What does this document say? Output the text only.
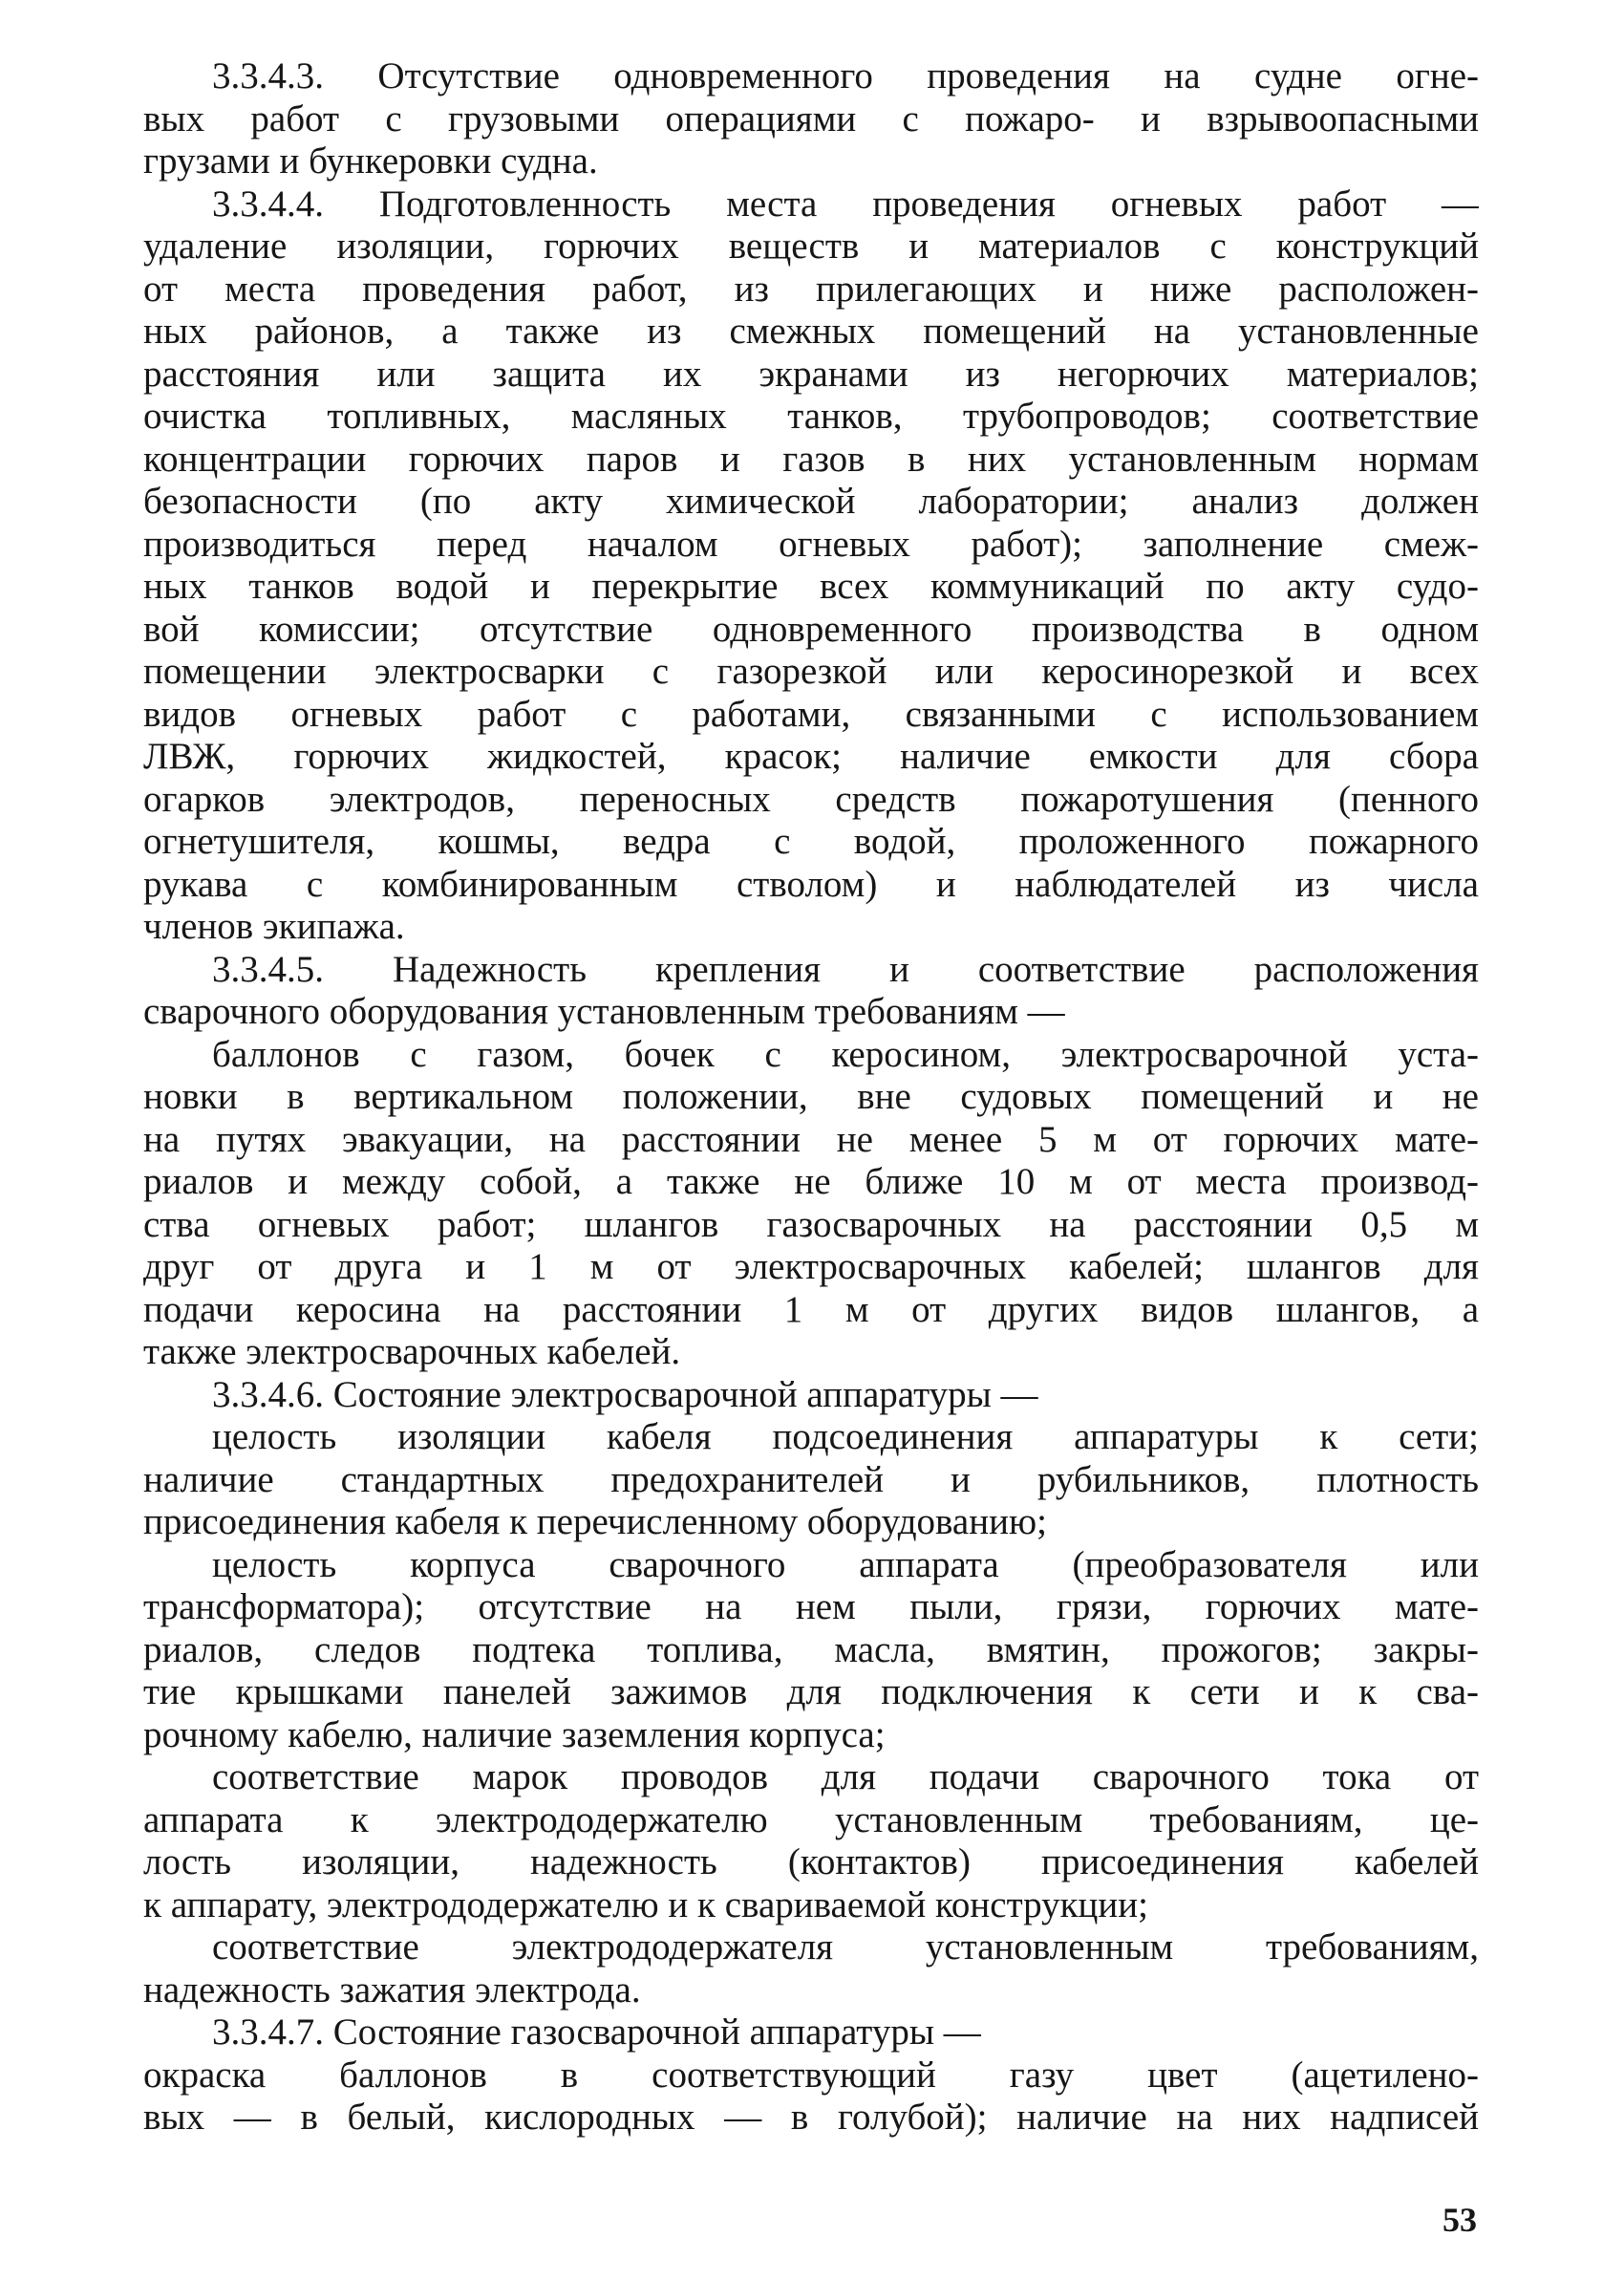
3.3.4.3. Отсутствие одновременного проведения на судне огне-
вых работ с грузовыми операциями с пожаро- и взрывоопасными
грузами и бункеровки судна.
3.3.4.4. Подготовленность места проведения огневых работ —
удаление изоляции, горючих веществ и материалов с конструкций
от места проведения работ, из прилегающих и ниже расположен-
ных районов, а также из смежных помещений на установленные
расстояния или защита их экранами из негорючих материалов;
очистка топливных, масляных танков, трубопроводов; соответствие
концентрации горючих паров и газов в них установленным нормам
безопасности (по акту химической лаборатории; анализ должен
производиться перед началом огневых работ); заполнение смеж-
ных танков водой и перекрытие всех коммуникаций по акту судо-
вой комиссии; отсутствие одновременного производства в одном
помещении электросварки с газорезкой или керосинорезкой и всех
видов огневых работ с работами, связанными с использованием
ЛВЖ, горючих жидкостей, красок; наличие емкости для сбора
огарков электродов, переносных средств пожаротушения (пенного
огнетушителя, кошмы, ведра с водой, проложенного пожарного
рукава с комбинированным стволом) и наблюдателей из числа
членов экипажа.
3.3.4.5. Надежность крепления и соответствие расположения
сварочного оборудования установленным требованиям —
баллонов с газом, бочек с керосином, электросварочной уста-
новки в вертикальном положении, вне судовых помещений и не
на путях эвакуации, на расстоянии не менее 5 м от горючих мате-
риалов и между собой, а также не ближе 10 м от места производ-
ства огневых работ; шлангов газосварочных на расстоянии 0,5 м
друг от друга и 1 м от электросварочных кабелей; шлангов для
подачи керосина на расстоянии 1 м от других видов шлангов, а
также электросварочных кабелей.
3.3.4.6. Состояние электросварочной аппаратуры —
целость изоляции кабеля подсоединения аппаратуры к сети;
наличие стандартных предохранителей и рубильников, плотность
присоединения кабеля к перечисленному оборудованию;
целость корпуса сварочного аппарата (преобразователя или
трансформатора); отсутствие на нем пыли, грязи, горючих мате-
риалов, следов подтека топлива, масла, вмятин, прожогов; закры-
тие крышками панелей зажимов для подключения к сети и к сва-
рочному кабелю, наличие заземления корпуса;
соответствие марок проводов для подачи сварочного тока от
аппарата к электрододержателю установленным требованиям, це-
лость изоляции, надежность (контактов) присоединения кабелей
к аппарату, электрододержателю и к свариваемой конструкции;
соответствие электрододержателя установленным требованиям,
надежность зажатия электрода.
3.3.4.7. Состояние газосварочной аппаратуры —
окраска баллонов в соответствующий газу цвет (ацетилено-
вых — в белый, кислородных — в голубой); наличие на них надписей
53
